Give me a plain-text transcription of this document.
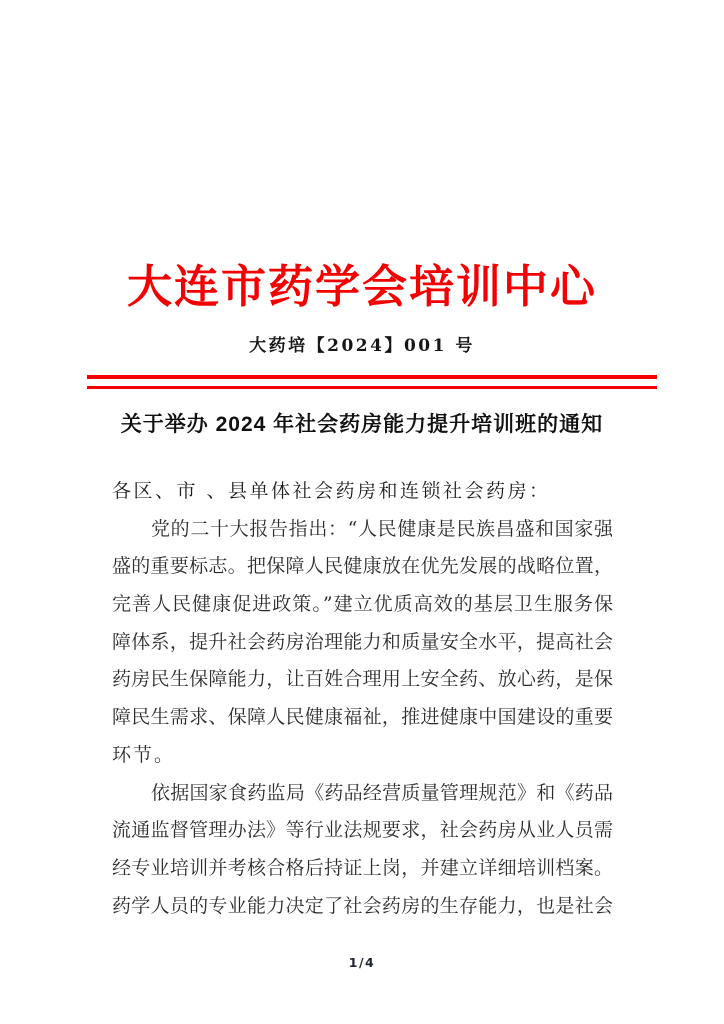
大连市药学会培训中心
大药培【2024】001 号
关于举办 2024 年社会药房能力提升培训班的通知
各区、市 、县单体社会药房和连锁社会药房：
党的二十大报告指出：“人民健康是民族昌盛和国家强
盛的重要标志。把保障人民健康放在优先发展的战略位置，
完善人民健康促进政策。”建立优质高效的基层卫生服务保
障体系，提升社会药房治理能力和质量安全水平，提高社会
药房民生保障能力，让百姓合理用上安全药、放心药，是保
障民生需求、保障人民健康福祉，推进健康中国建设的重要
环节。
依据国家食药监局《药品经营质量管理规范》和《药品
流通监督管理办法》等行业法规要求，社会药房从业人员需
经专业培训并考核合格后持证上岗，并建立详细培训档案。
药学人员的专业能力决定了社会药房的生存能力，也是社会
1/4
